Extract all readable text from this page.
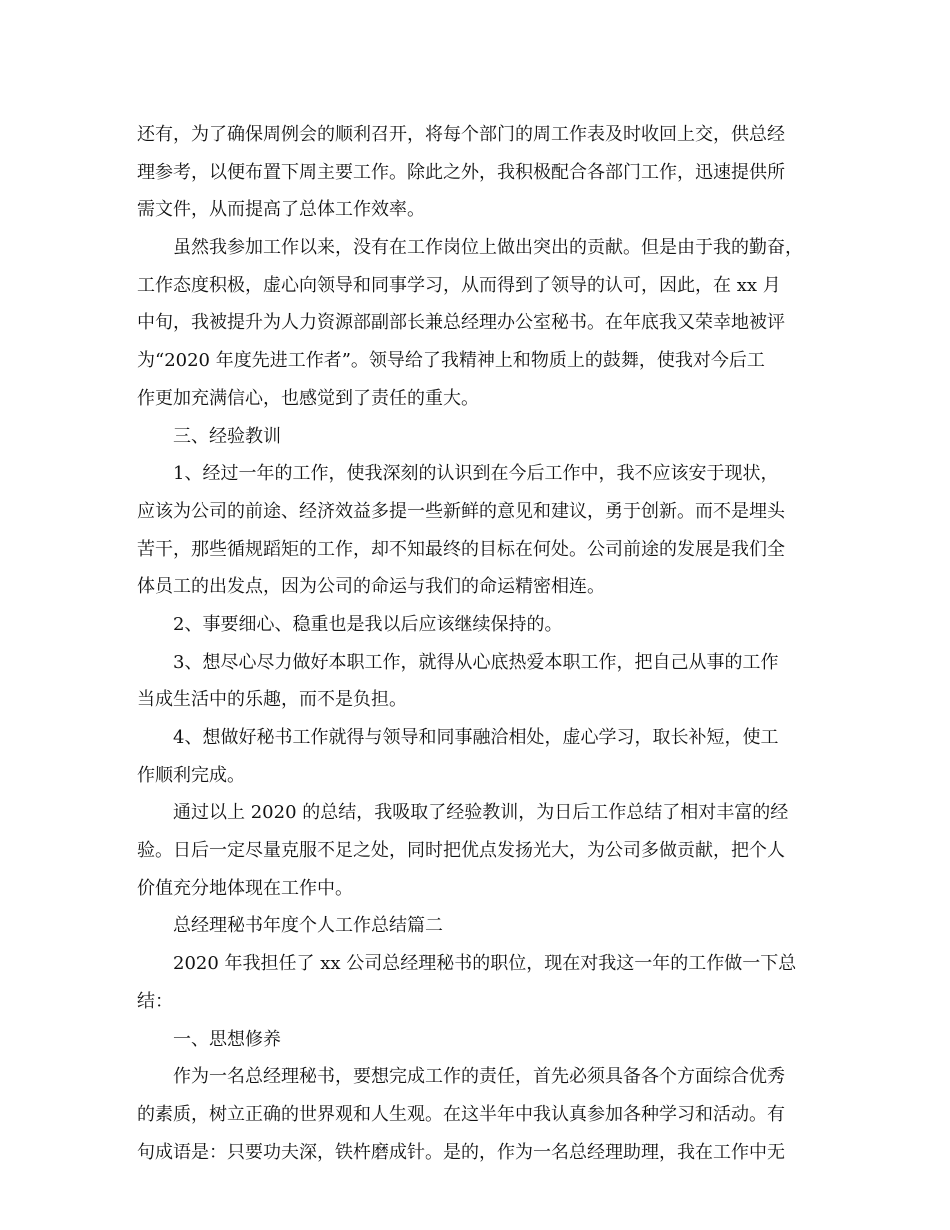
还有，为了确保周例会的顺利召开，将每个部门的周工作表及时收回上交，供总经
理参考，以便布置下周主要工作。除此之外，我积极配合各部门工作，迅速提供所
需文件，从而提高了总体工作效率。
虽然我参加工作以来，没有在工作岗位上做出突出的贡献。但是由于我的勤奋，
工作态度积极，虚心向领导和同事学习，从而得到了领导的认可，因此，在 xx 月
中旬，我被提升为人力资源部副部长兼总经理办公室秘书。在年底我又荣幸地被评
为“2020 年度先进工作者”。领导给了我精神上和物质上的鼓舞，使我对今后工
作更加充满信心，也感觉到了责任的重大。
三、经验教训
1、经过一年的工作，使我深刻的认识到在今后工作中，我不应该安于现状，
应该为公司的前途、经济效益多提一些新鲜的意见和建议，勇于创新。而不是埋头
苦干，那些循规蹈矩的工作，却不知最终的目标在何处。公司前途的发展是我们全
体员工的出发点，因为公司的命运与我们的命运精密相连。
2、事要细心、稳重也是我以后应该继续保持的。
3、想尽心尽力做好本职工作，就得从心底热爱本职工作，把自己从事的工作
当成生活中的乐趣，而不是负担。
4、想做好秘书工作就得与领导和同事融洽相处，虚心学习，取长补短，使工
作顺利完成。
通过以上 2020 的总结，我吸取了经验教训，为日后工作总结了相对丰富的经
验。日后一定尽量克服不足之处，同时把优点发扬光大，为公司多做贡献，把个人
价值充分地体现在工作中。
总经理秘书年度个人工作总结篇二
2020 年我担任了 xx 公司总经理秘书的职位，现在对我这一年的工作做一下总
结：
一、思想修养
作为一名总经理秘书，要想完成工作的责任，首先必须具备各个方面综合优秀
的素质，树立正确的世界观和人生观。在这半年中我认真参加各种学习和活动。有
句成语是：只要功夫深，铁杵磨成针。是的，作为一名总经理助理，我在工作中无
